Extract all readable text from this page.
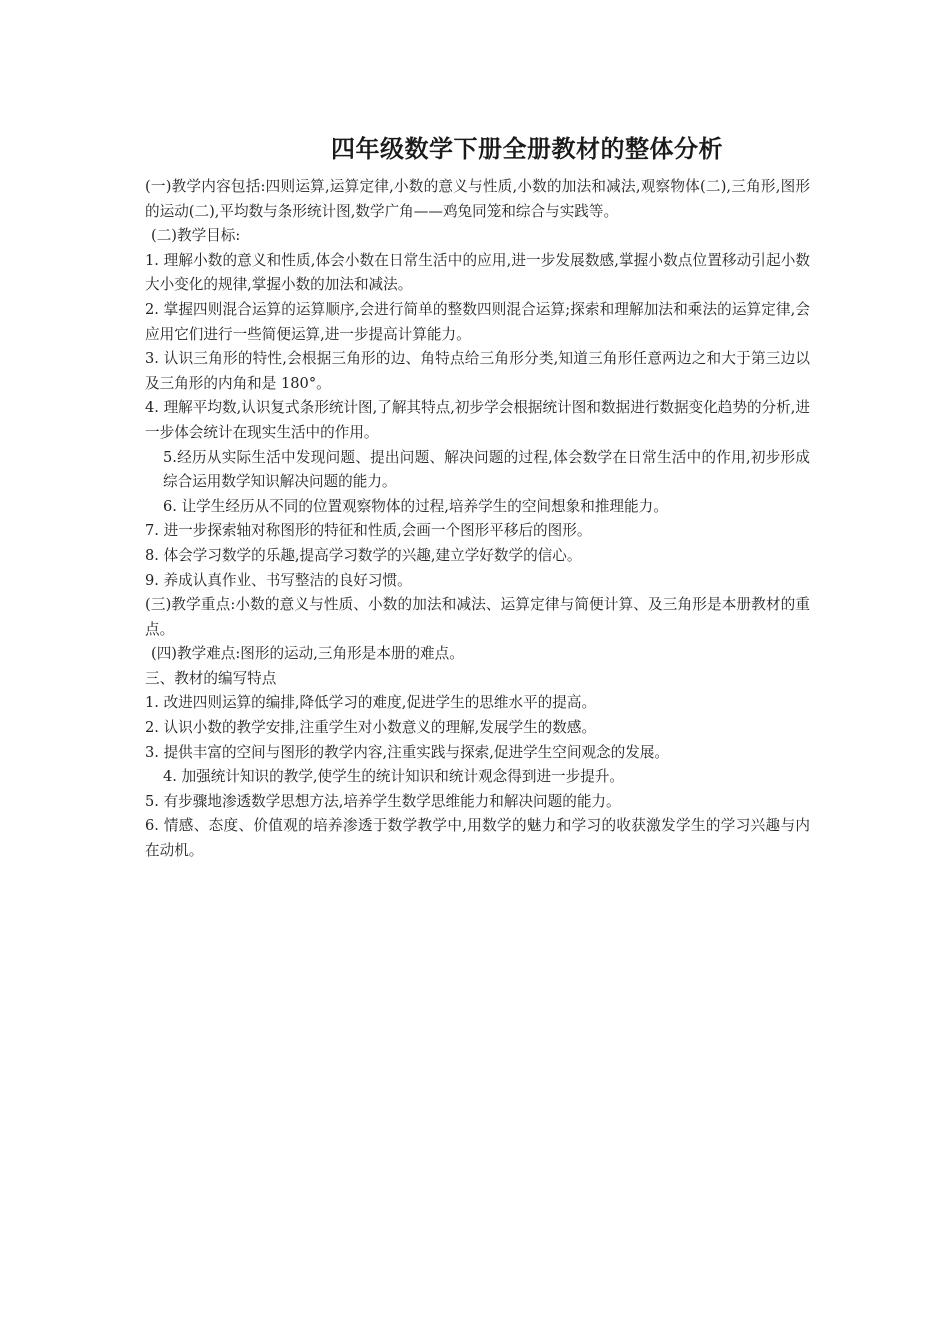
四年级数学下册全册教材的整体分析

(一)教学内容包括:四则运算,运算定律,小数的意义与性质,小数的加法和减法,观察物体(二),三角形,图形的运动(二),平均数与条形统计图,数学广角——鸡兔同笼和综合与实践等。

(二)教学目标:

1. 理解小数的意义和性质,体会小数在日常生活中的应用,进一步发展数感,掌握小数点位置移动引起小数大小变化的规律,掌握小数的加法和减法。

2. 掌握四则混合运算的运算顺序,会进行简单的整数四则混合运算;探索和理解加法和乘法的运算定律,会应用它们进行一些简便运算,进一步提高计算能力。

3. 认识三角形的特性,会根据三角形的边、角特点给三角形分类,知道三角形任意两边之和大于第三边以及三角形的内角和是 180°。

4. 理解平均数,认识复式条形统计图,了解其特点,初步学会根据统计图和数据进行数据变化趋势的分析,进一步体会统计在现实生活中的作用。

5.经历从实际生活中发现问题、提出问题、解决问题的过程,体会数学在日常生活中的作用,初步形成综合运用数学知识解决问题的能力。

6. 让学生经历从不同的位置观察物体的过程,培养学生的空间想象和推理能力。

7. 进一步探索轴对称图形的特征和性质,会画一个图形平移后的图形。

8. 体会学习数学的乐趣,提高学习数学的兴趣,建立学好数学的信心。

9. 养成认真作业、书写整洁的良好习惯。

(三)教学重点:小数的意义与性质、小数的加法和减法、运算定律与简便计算、及三角形是本册教材的重点。

(四)教学难点:图形的运动,三角形是本册的难点。

三、教材的编写特点

1. 改进四则运算的编排,降低学习的难度,促进学生的思维水平的提高。

2. 认识小数的教学安排,注重学生对小数意义的理解,发展学生的数感。

3. 提供丰富的空间与图形的教学内容,注重实践与探索,促进学生空间观念的发展。

4. 加强统计知识的教学,使学生的统计知识和统计观念得到进一步提升。

5. 有步骤地渗透数学思想方法,培养学生数学思维能力和解决问题的能力。

6. 情感、态度、价值观的培养渗透于数学教学中,用数学的魅力和学习的收获激发学生的学习兴趣与内在动机。
